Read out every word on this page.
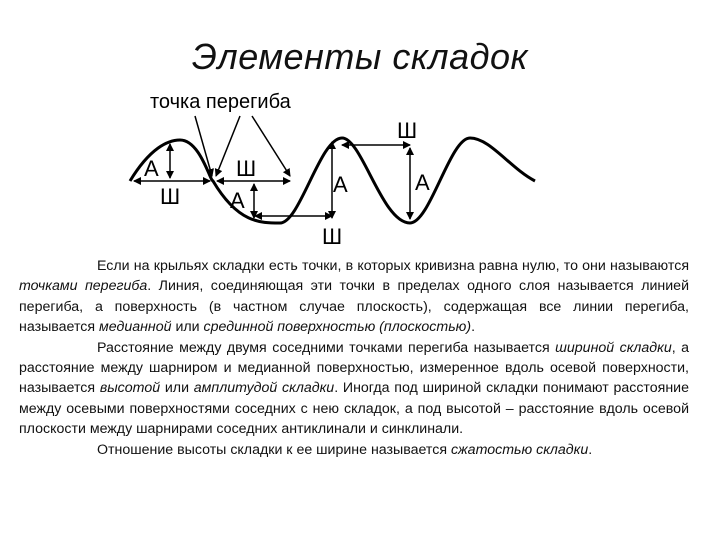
Элементы складок
точка перегиба
А
Ш
Ш
А
А
Ш
А
Ш

Если на крыльях складки есть точки, в которых кривизна равна нулю, то они называются точками перегиба. Линия, соединяющая эти точки в пределах одного слоя называется линией перегиба, а поверхность (в частном случае плоскость), содержащая все линии перегиба, называется медианной или срединной поверхностью (плоскостью).

Расстояние между двумя соседними точками перегиба называется шириной складки, а расстояние между шарниром и медианной поверхностью, измеренное вдоль осевой поверхности, называется высотой или амплитудой складки. Иногда под шириной складки понимают расстояние между осевыми поверхностями соседних с нею складок, а под высотой – расстояние вдоль осевой плоскости между шарнирами соседних антиклинали и синклинали.

Отношение высоты складки к ее ширине называется сжатостью складки.
